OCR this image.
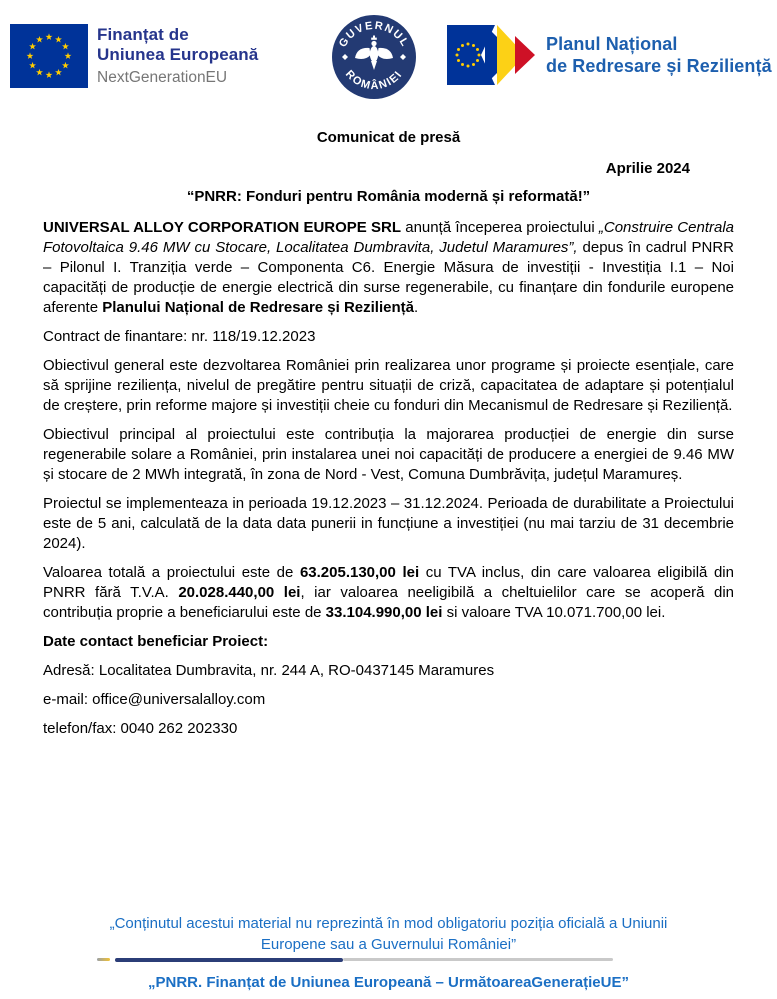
Finanțat de
Uniunea Europeană
NextGenerationEU
GUVERNUL
ROMÂNIEI
Planul Național
de Redresare și Reziliență
Comunicat de presă
Aprilie 2024
“PNRR: Fonduri pentru România modernă și reformată!”

UNIVERSAL ALLOY CORPORATION EUROPE SRL anunță începerea proiectului „Construire Centrala Fotovoltaica 9.46 MW cu Stocare, Localitatea Dumbravita, Judetul Maramures”, depus în cadrul PNRR – Pilonul I. Tranziția verde – Componenta C6. Energie Măsura de investiții - Investiția I.1 – Noi capacități de producție de energie electrică din surse regenerabile, cu finanțare din fondurile europene aferente Planului Național de Redresare și Reziliență.

Contract de finantare: nr. 118/19.12.2023

Obiectivul general este dezvoltarea României prin realizarea unor programe și proiecte esențiale, care să sprijine reziliența, nivelul de pregătire pentru situații de criză, capacitatea de adaptare și potențialul de creștere, prin reforme majore și investiții cheie cu fonduri din Mecanismul de Redresare și Reziliență.

Obiectivul principal al proiectului este contribuția la majorarea producției de energie din surse regenerabile solare a României, prin instalarea unei noi capacități de producere a energiei de 9.46 MW și stocare de 2 MWh integrată, în zona de Nord - Vest, Comuna Dumbrăvița, județul Maramureș.

Proiectul se implementeaza in perioada 19.12.2023 – 31.12.2024. Perioada de durabilitate a Proiectului este de 5 ani, calculată de la data data punerii in funcțiune a investiției (nu mai tarziu de 31 decembrie 2024).

Valoarea totală a proiectului este de 63.205.130,00 lei cu TVA inclus, din care valoarea eligibilă din PNRR fără T.V.A. 20.028.440,00 lei, iar valoarea neeligibilă a cheltuielilor care se acoperă din contribuția proprie a beneficiarului este de 33.104.990,00 lei si valoare TVA 10.071.700,00 lei.

Date contact beneficiar Proiect:

Adresă: Localitatea Dumbravita, nr. 244 A, RO-0437145 Maramures

e-mail: office@universalalloy.com

telefon/fax: 0040 262 202330

„Conținutul acestui material nu reprezintă în mod obligatoriu poziția oficială a Uniunii Europene sau a Guvernului României”
„PNRR. Finanțat de Uniunea Europeană – UrmătoareaGenerațieUE”
